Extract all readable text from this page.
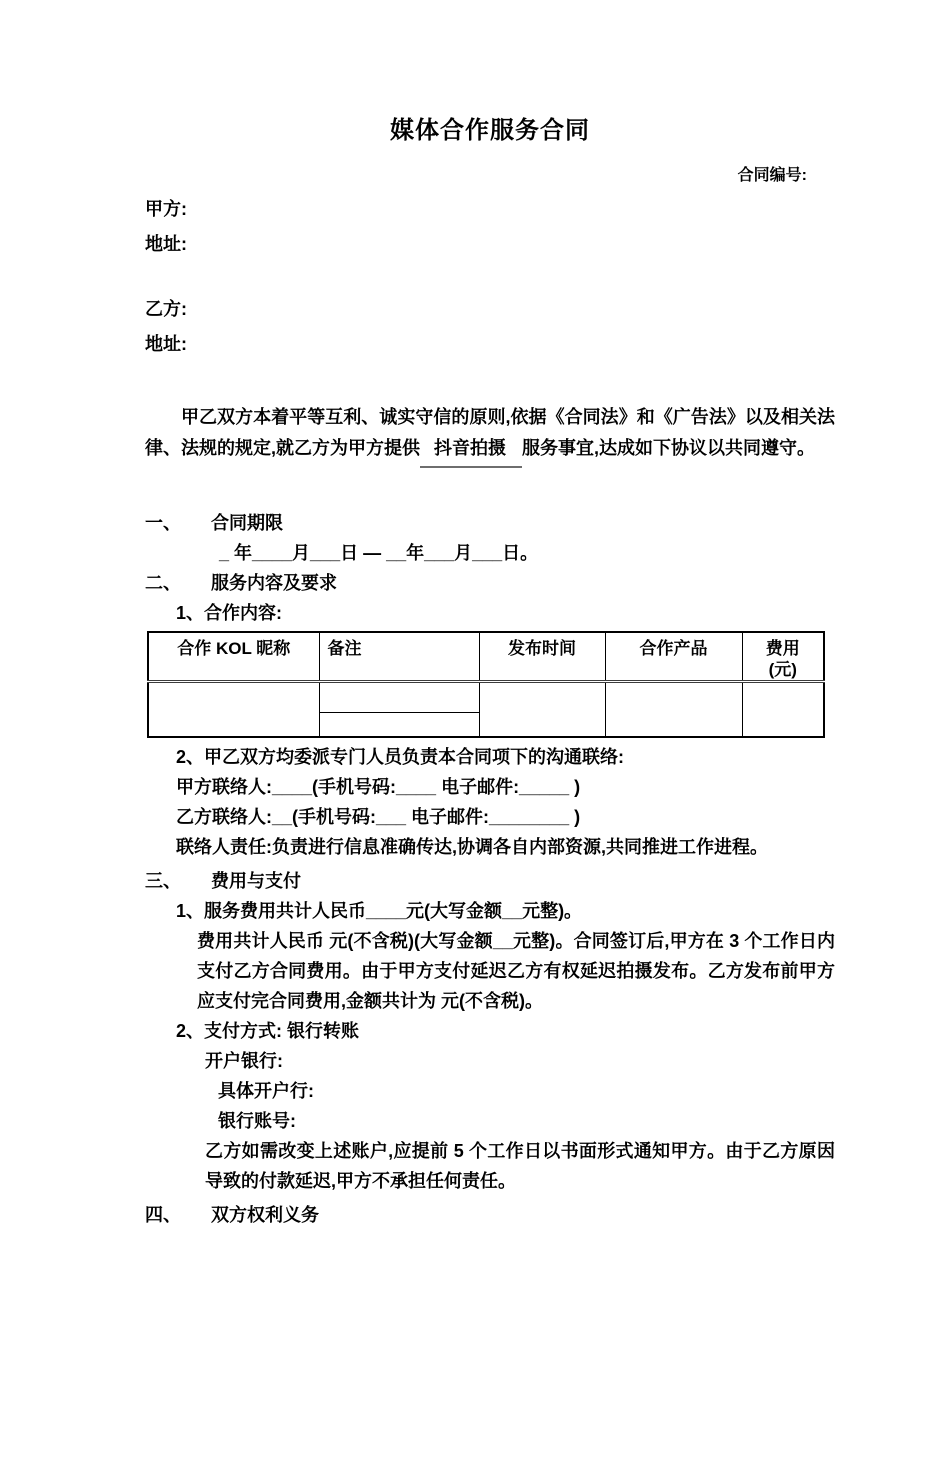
媒体合作服务合同
合同编号:
甲方:
地址:
乙方:
地址:

甲乙双方本着平等互利、诚实守信的原则,依据《合同法》和《广告法》以及相关法律、法规的规定,就乙方为甲方提供 抖音拍摄 服务事宜,达成如下协议以共同遵守。

一、	合同期限
_ 年____月___日 — __年___月___日。
二、	服务内容及要求
1、合作内容:
合作 KOL 昵称	备注	发布时间	合作产品	费用
(元)

2、甲乙双方均委派专门人员负责本合同项下的沟通联络:
甲方联络人:____(手机号码:____ 电子邮件:_____ )
乙方联络人:__(手机号码:___ 电子邮件:________ )
联络人责任:负责进行信息准确传达,协调各自内部资源,共同推进工作进程。
三、	费用与支付
1、服务费用共计人民币____元(大写金额__元整)。
费用共计人民币 元(不含税)(大写金额__元整)。合同签订后,甲方在 3 个工作日内支付乙方合同费用。由于甲方支付延迟乙方有权延迟拍摄发布。乙方发布前甲方应支付完合同费用,金额共计为 元(不含税)。
2、支付方式: 银行转账
开户银行:
具体开户行:
银行账号:
乙方如需改变上述账户,应提前 5 个工作日以书面形式通知甲方。由于乙方原因导致的付款延迟,甲方不承担任何责任。
四、	双方权利义务
